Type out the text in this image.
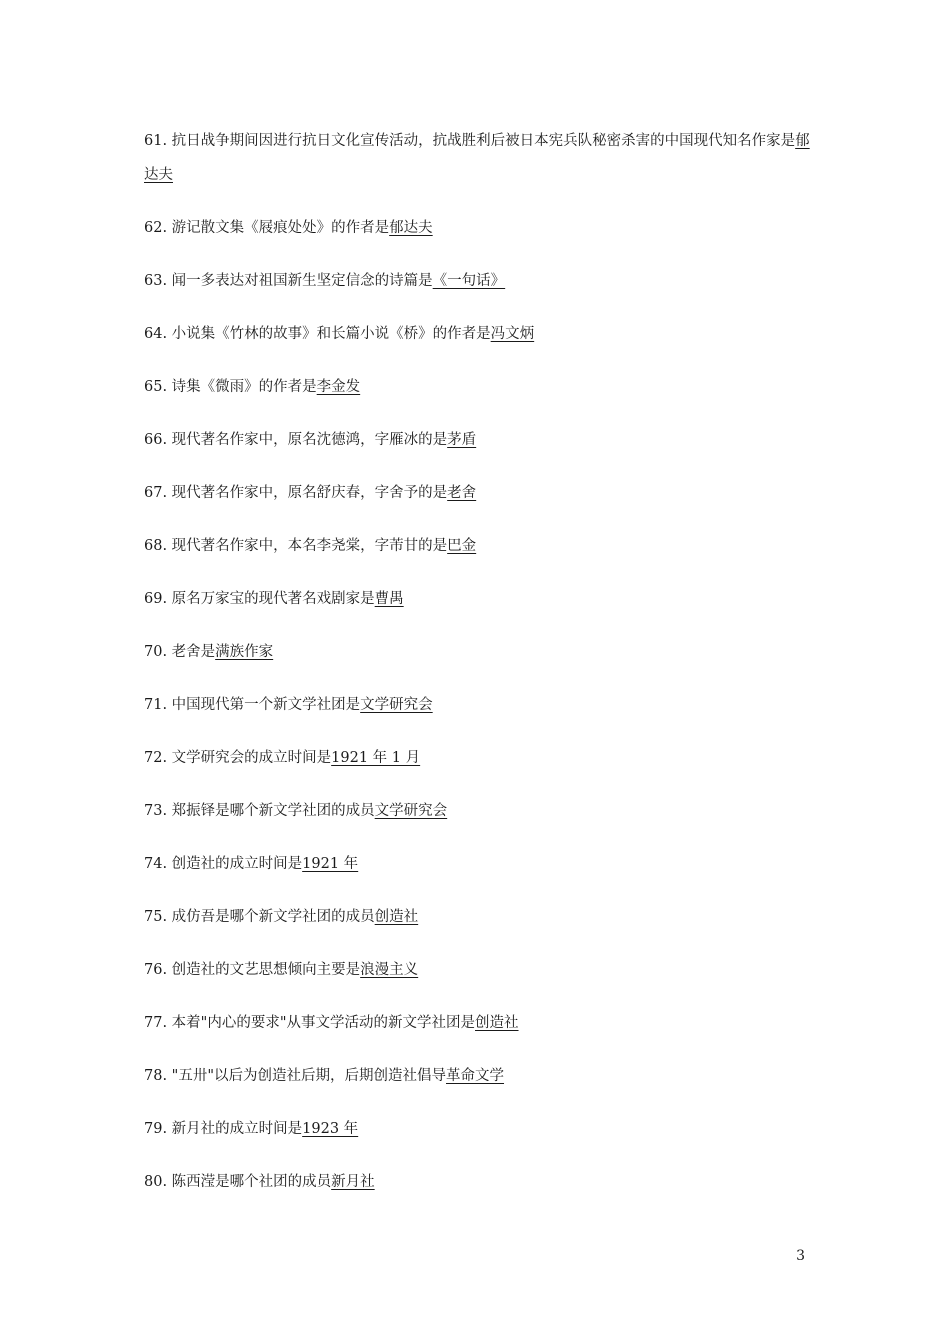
61. 抗日战争期间因进行抗日文化宣传活动，抗战胜利后被日本宪兵队秘密杀害的中国现代知名作家是郁达夫
62. 游记散文集《屐痕处处》的作者是郁达夫
63. 闻一多表达对祖国新生坚定信念的诗篇是《一句话》
64. 小说集《竹林的故事》和长篇小说《桥》的作者是冯文炳
65. 诗集《微雨》的作者是李金发
66. 现代著名作家中，原名沈德鸿，字雁冰的是茅盾
67. 现代著名作家中，原名舒庆春，字舍予的是老舍
68. 现代著名作家中，本名李尧棠，字芾甘的是巴金
69. 原名万家宝的现代著名戏剧家是曹禺
70. 老舍是满族作家
71. 中国现代第一个新文学社团是文学研究会
72. 文学研究会的成立时间是1921 年 1 月
73. 郑振铎是哪个新文学社团的成员文学研究会
74. 创造社的成立时间是1921 年
75. 成仿吾是哪个新文学社团的成员创造社
76. 创造社的文艺思想倾向主要是浪漫主义
77. 本着"内心的要求"从事文学活动的新文学社团是创造社
78. "五卅"以后为创造社后期，后期创造社倡导革命文学
79. 新月社的成立时间是1923 年
80. 陈西滢是哪个社团的成员新月社
3
